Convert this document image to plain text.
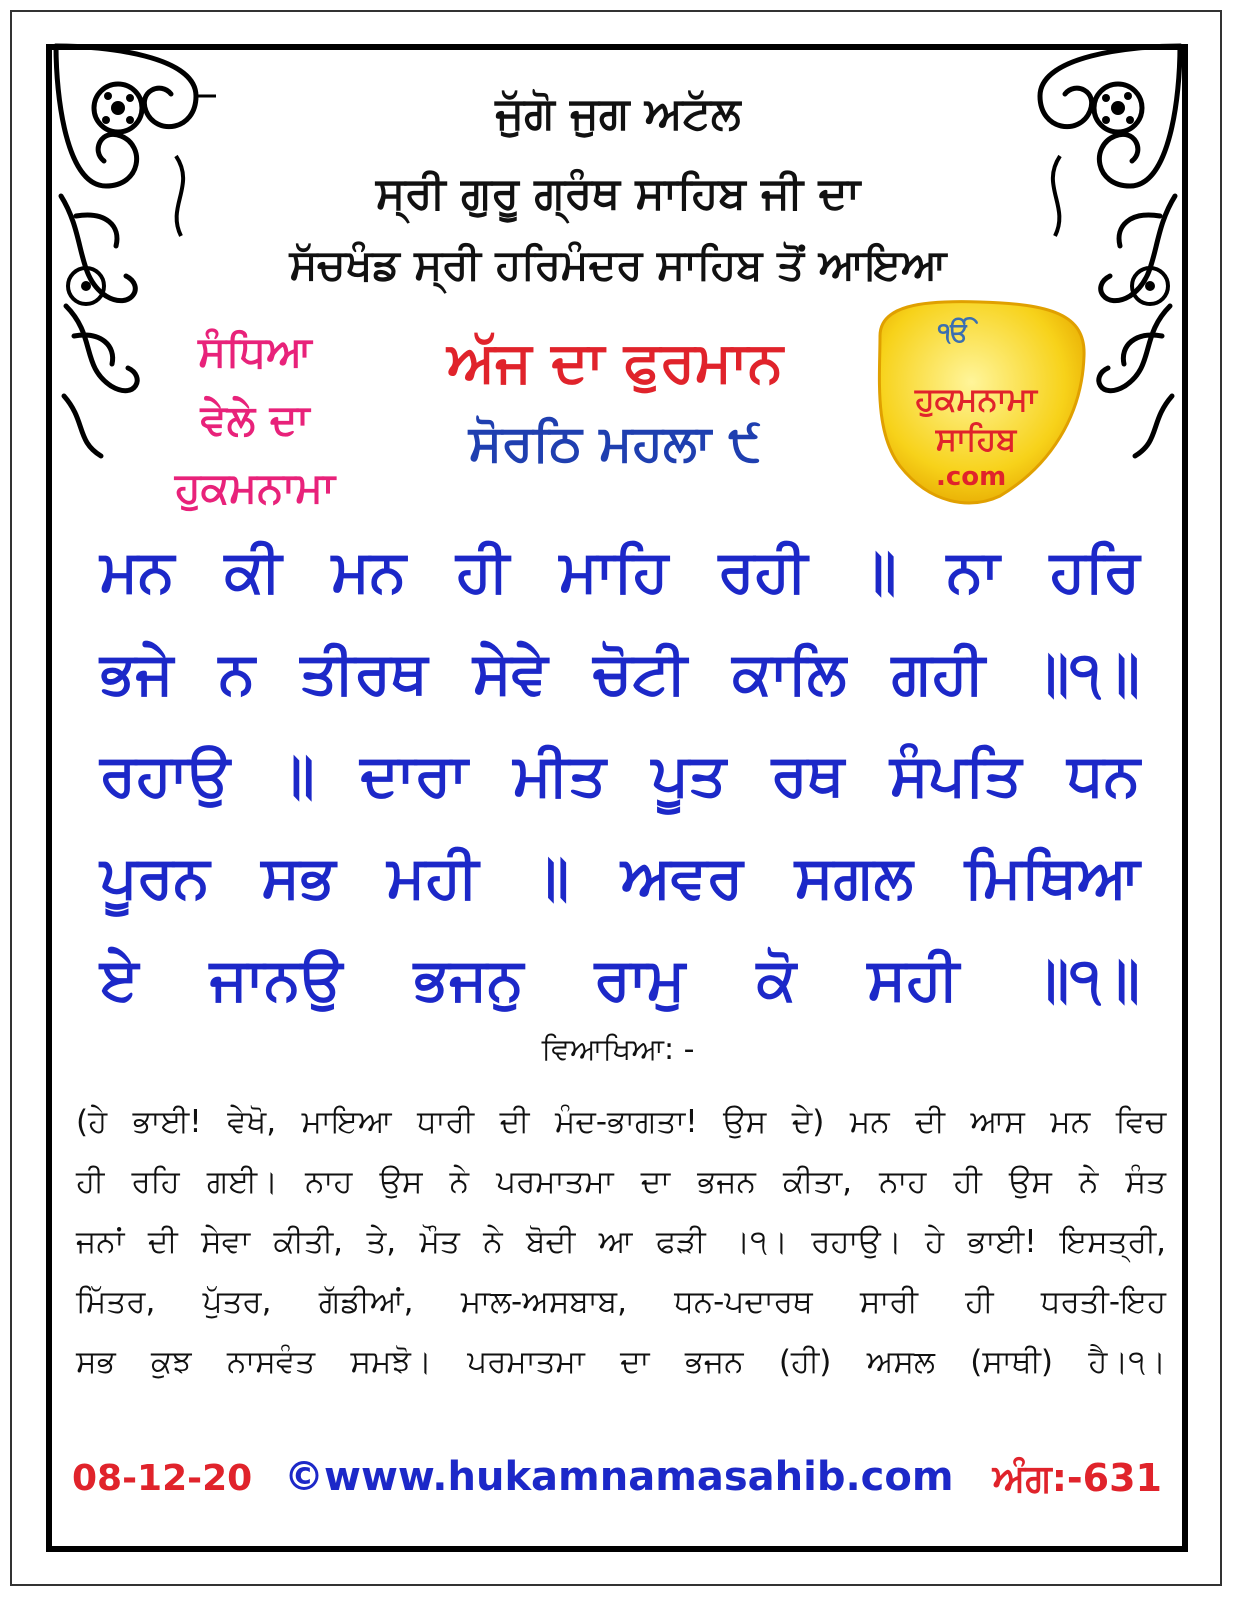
ਜੁੱਗੋ ਜੁਗ ਅਟੱਲ
ਸ੍ਰੀ ਗੁਰੂ ਗ੍ਰੰਥ ਸਾਹਿਬ ਜੀ ਦਾ
ਸੱਚਖੰਡ ਸ੍ਰੀ ਹਰਿਮੰਦਰ ਸਾਹਿਬ ਤੋਂ ਆਇਆ
ਸੰਧਿਆ
ਵੇਲੇ ਦਾ
ਹੁਕਮਨਾਮਾ
ਅੱਜ ਦਾ ਫੁਰਮਾਨ
ਸੋਰਠਿ ਮਹਲਾ ੯
ੴ
ਹੁਕਮਨਾਮਾ
ਸਾਹਿਬ
.com
ਮਨ ਕੀ ਮਨ ਹੀ ਮਾਹਿ ਰਹੀ ॥ ਨਾ ਹਰਿ
ਭਜੇ ਨ ਤੀਰਥ ਸੇਵੇ ਚੋਟੀ ਕਾਲਿ ਗਹੀ ॥੧॥
ਰਹਾਉ ॥ ਦਾਰਾ ਮੀਤ ਪੂਤ ਰਥ ਸੰਪਤਿ ਧਨ
ਪੂਰਨ ਸਭ ਮਹੀ ॥ ਅਵਰ ਸਗਲ ਮਿਥਿਆ
ਏ ਜਾਨਉ ਭਜਨੁ ਰਾਮੁ ਕੋ ਸਹੀ ॥੧॥
ਵਿਆਖਿਆ: -
(ਹੇ ਭਾਈ! ਵੇਖੋ, ਮਾਇਆ ਧਾਰੀ ਦੀ ਮੰਦ-ਭਾਗਤਾ! ਉਸ ਦੇ) ਮਨ ਦੀ ਆਸ ਮਨ ਵਿਚ
ਹੀ ਰਹਿ ਗਈ। ਨਾਹ ਉਸ ਨੇ ਪਰਮਾਤਮਾ ਦਾ ਭਜਨ ਕੀਤਾ, ਨਾਹ ਹੀ ਉਸ ਨੇ ਸੰਤ
ਜਨਾਂ ਦੀ ਸੇਵਾ ਕੀਤੀ, ਤੇ, ਮੌਤ ਨੇ ਬੋਦੀ ਆ ਫੜੀ ।੧। ਰਹਾਉ। ਹੇ ਭਾਈ! ਇਸਤ੍ਰੀ,
ਮਿੱਤਰ, ਪੁੱਤਰ, ਗੱਡੀਆਂ, ਮਾਲ-ਅਸਬਾਬ, ਧਨ-ਪਦਾਰਥ ਸਾਰੀ ਹੀ ਧਰਤੀ-ਇਹ
ਸਭ ਕੁਝ ਨਾਸਵੰਤ ਸਮਝੋ। ਪਰਮਾਤਮਾ ਦਾ ਭਜਨ (ਹੀ) ਅਸਲ (ਸਾਥੀ) ਹੈ।੧।
08-12-20 ©www.hukamnamasahib.com ਅੰਗ:-631
